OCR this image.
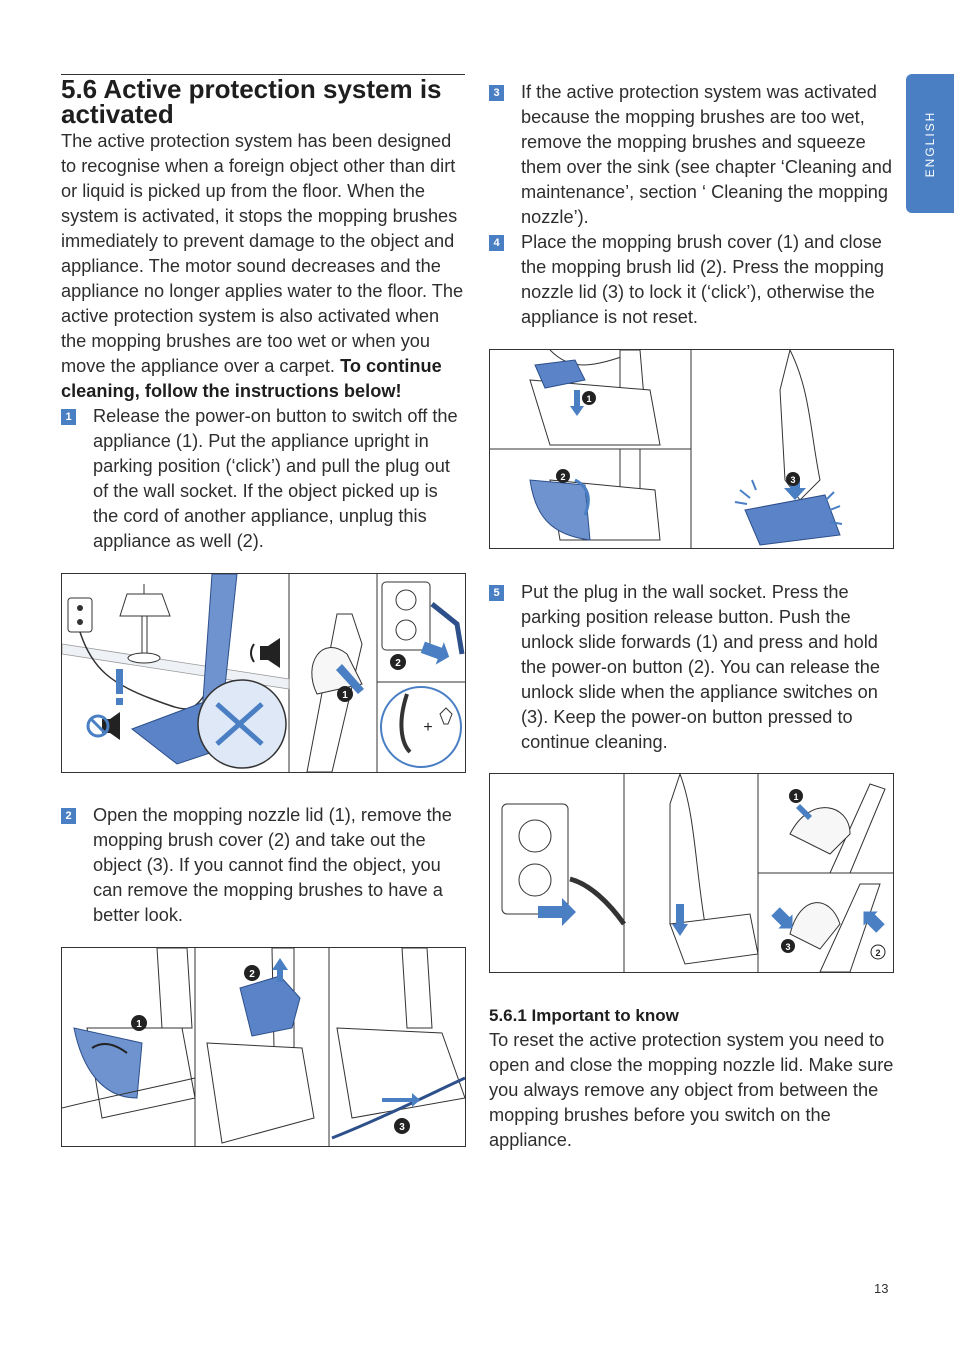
ENGLISH
5.6 Active protection system is activated

The active protection system has been designed to recognise when a foreign object other than dirt or liquid is picked up from the floor. When the system is activated, it stops the mopping brushes immediately to prevent damage to the object and appliance. The motor sound decreases and the appliance no longer applies water to the floor. The active protection system is also activated when the mopping brushes are too wet or when you move the appliance over a carpet. To continue cleaning, follow the instructions below!

1 Release the power-on button to switch off the appliance (1). Put the appliance upright in parking position (‘click’) and pull the plug out of the wall socket. If the object picked up is the cord of another appliance, unplug this appliance as well (2).
1
2
+
2 Open the mopping nozzle lid (1), remove the mopping brush cover (2) and take out the object (3). If you cannot find the object, you can remove the mopping brushes to have a better look.
1
2
3
3 If the active protection system was activated because the mopping brushes are too wet, remove the mopping brushes and squeeze them over the sink (see chapter ‘Cleaning and maintenance’, section ‘ Cleaning the mopping nozzle’).
4 Place the mopping brush cover (1) and close the mopping brush lid (2). Press the mopping nozzle lid (3) to lock it (‘click’), otherwise the appliance is not reset.
1
2	3
5 Put the plug in the wall socket. Press the parking position release button. Push the unlock slide forwards (1) and press and hold the power-on button (2). You can release the unlock slide when the appliance switches on (3). Keep the power-on button pressed to continue cleaning.
1
3
2
5.6.1 Important to know

To reset the active protection system you need to open and close the mopping nozzle lid. Make sure you always remove any object from between the mopping brushes before you switch on the appliance.

13
